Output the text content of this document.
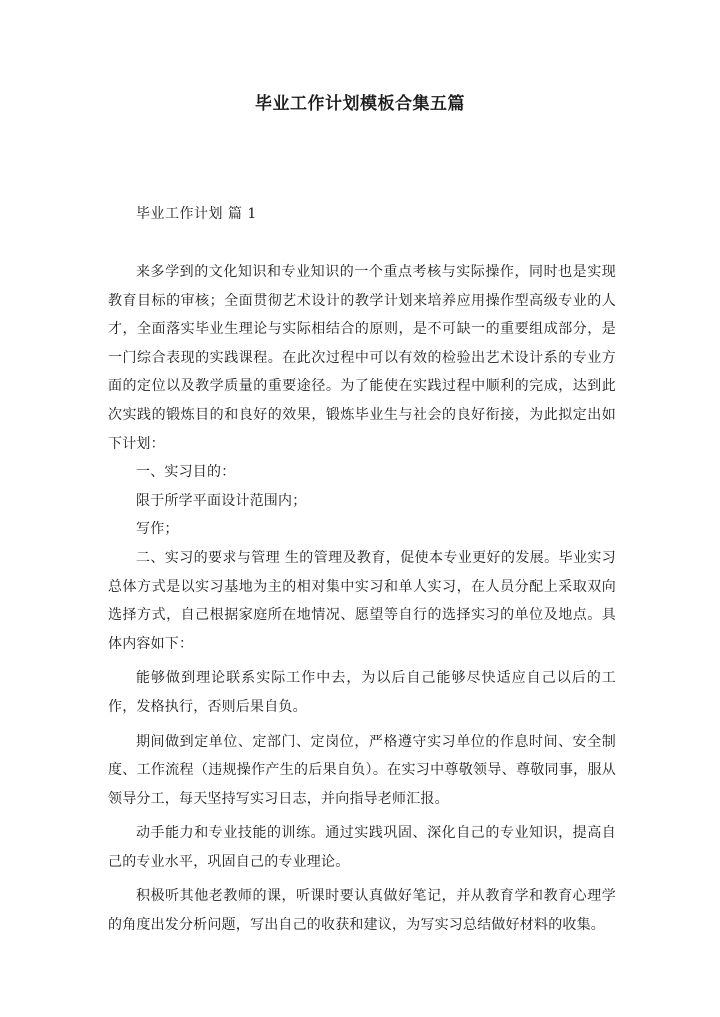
毕业工作计划模板合集五篇
毕业工作计划 篇 1

来多学到的文化知识和专业知识的一个重点考核与实际操作，同时也是实现教育目标的审核；全面贯彻艺术设计的教学计划来培养应用操作型高级专业的人才，全面落实毕业生理论与实际相结合的原则，是不可缺一的重要组成部分，是一门综合表现的实践课程。在此次过程中可以有效的检验出艺术设计系的专业方面的定位以及教学质量的重要途径。为了能使在实践过程中顺利的完成，达到此次实践的锻炼目的和良好的效果，锻炼毕业生与社会的良好衔接，为此拟定出如下计划：

一、实习目的：

限于所学平面设计范围内；

写作；

二、实习的要求与管理 生的管理及教育，促使本专业更好的发展。毕业实习总体方式是以实习基地为主的相对集中实习和单人实习，在人员分配上采取双向选择方式，自己根据家庭所在地情况、愿望等自行的选择实习的单位及地点。具体内容如下：

能够做到理论联系实际工作中去，为以后自己能够尽快适应自己以后的工作，发格执行，否则后果自负。

期间做到定单位、定部门、定岗位，严格遵守实习单位的作息时间、安全制度、工作流程（违规操作产生的后果自负）。在实习中尊敬领导、尊敬同事，服从领导分工，每天坚持写实习日志，并向指导老师汇报。

动手能力和专业技能的训练。通过实践巩固、深化自己的专业知识，提高自己的专业水平，巩固自己的专业理论。

积极听其他老教师的课，听课时要认真做好笔记，并从教育学和教育心理学的角度出发分析问题，写出自己的收获和建议，为写实习总结做好材料的收集。
